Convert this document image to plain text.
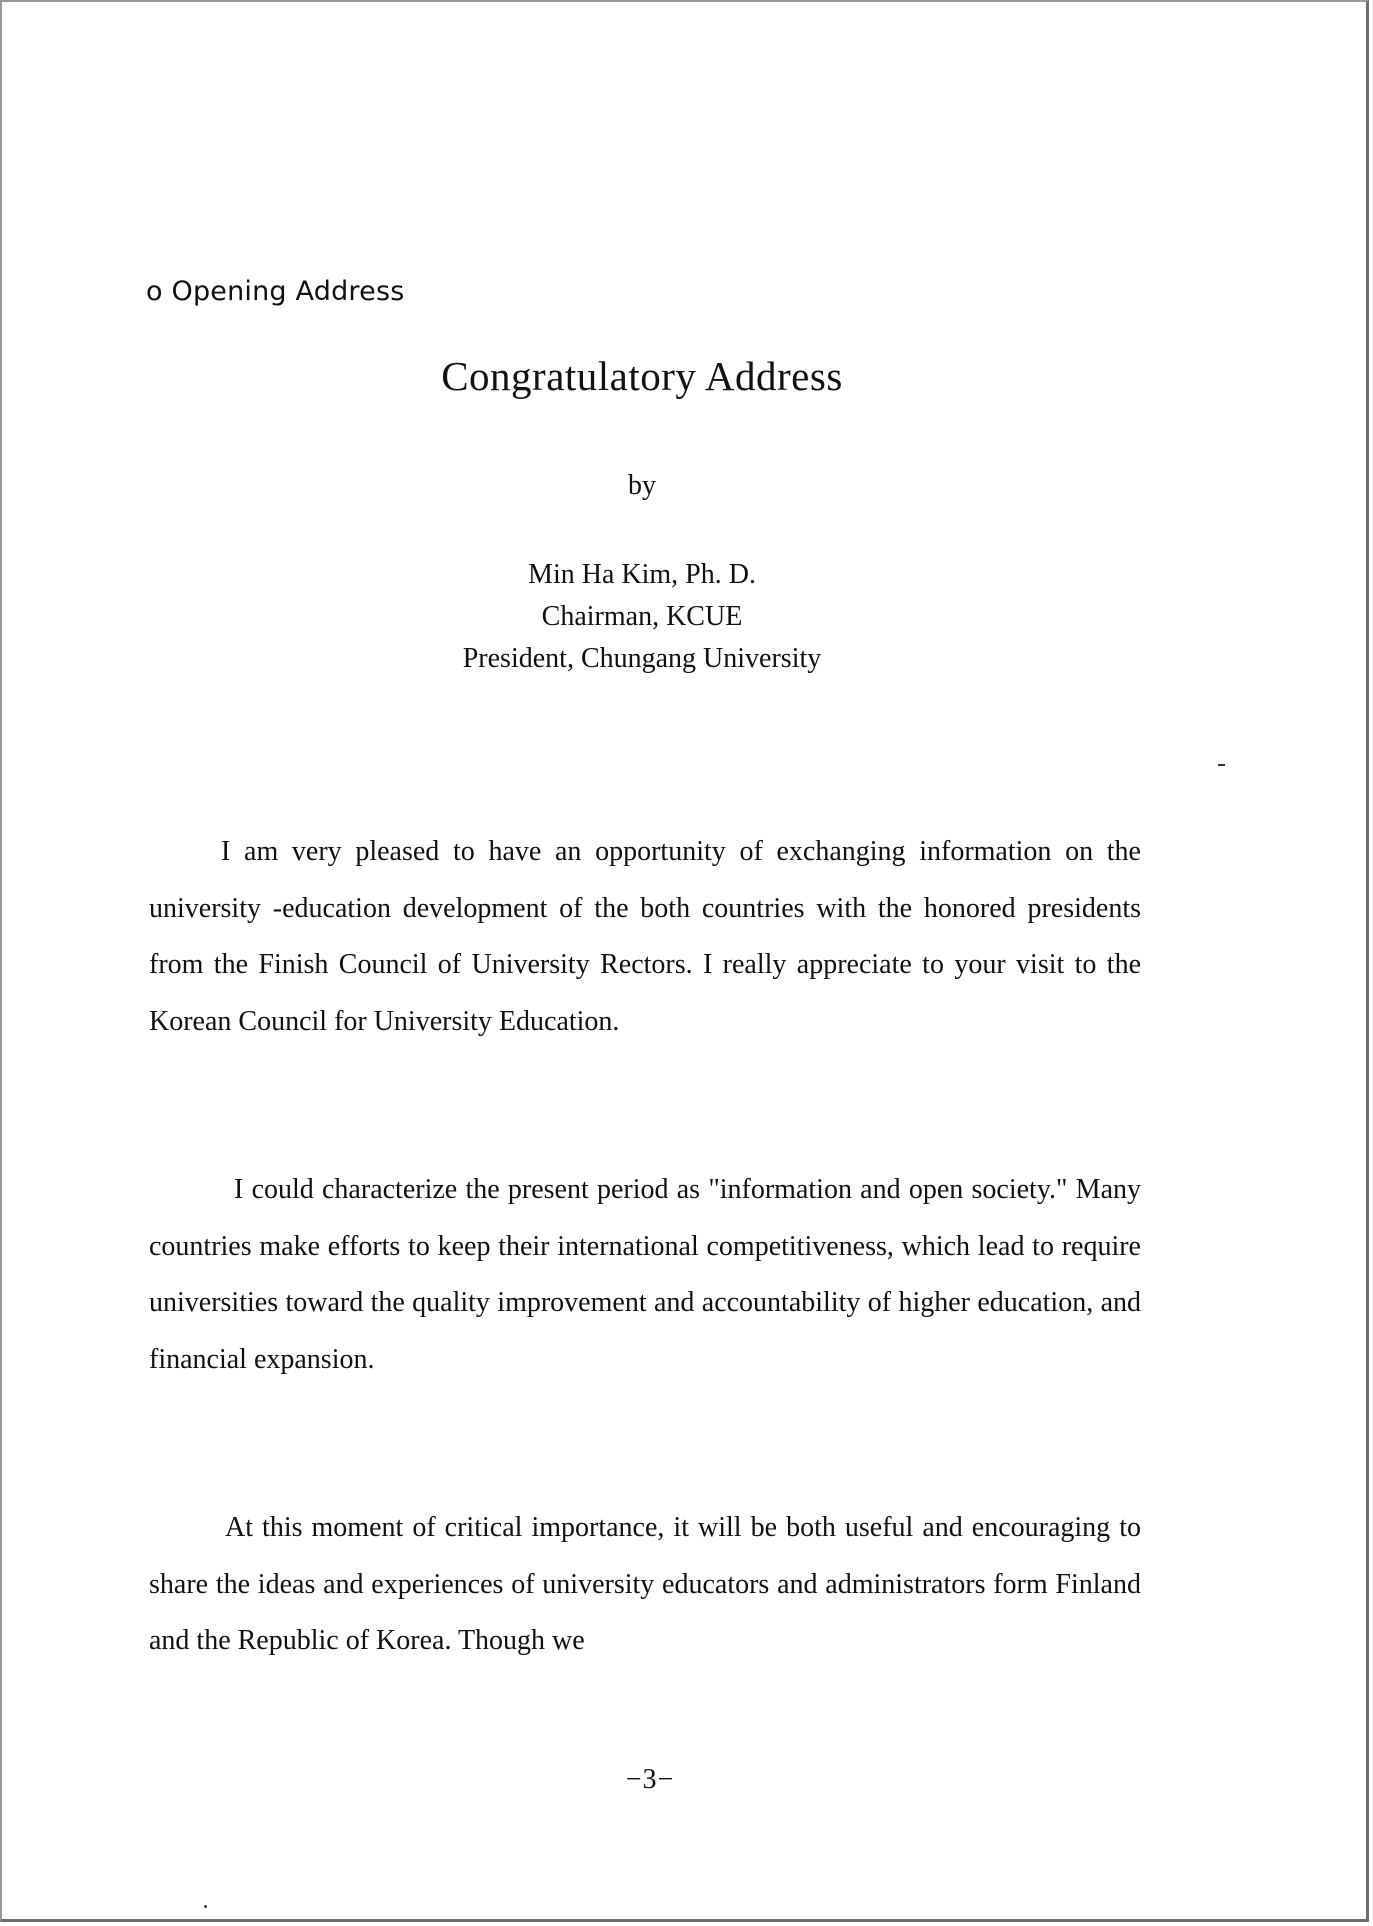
o Opening Address
Congratulatory Address
by
Min Ha Kim, Ph. D.
Chairman, KCUE
President, Chungang University

I am very pleased to have an opportunity of exchanging information on the university -education development of the both countries with the honored presidents from the Finish Council of University Rectors. I really appreciate to your visit to the Korean Council for University Education.

I could characterize the present period as "information and open society." Many countries make efforts to keep their international competitiveness, which lead to require universities toward the quality improvement and accountability of higher education, and financial expansion.

At this moment of critical importance, it will be both useful and encouraging to share the ideas and experiences of university educators and administrators form Finland and the Republic of Korea. Though we

−3−
